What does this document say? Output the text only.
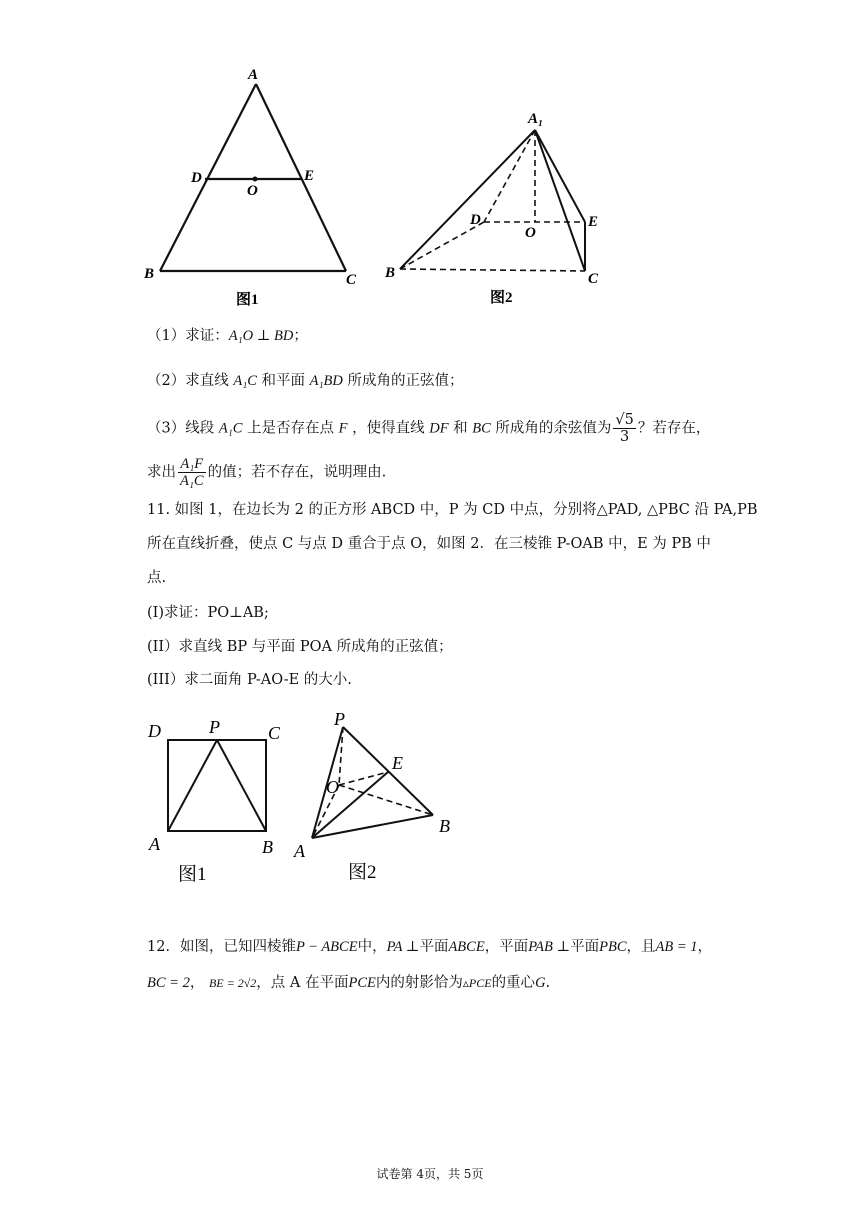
A
D
O
E
B	C
图1
A₁
D
O
E
B	C
图2
（1）求证：A₁O ⊥ BD；
（2）求直线 A₁C 和平面 A₁BD 所成角的正弦值；
（3）线段 A₁C 上是否存在点 F ，使得直线 DF 和 BC 所成角的余弦值为 $\frac{√5}{3}$ ？若存在，
求出 $\frac{\text{A₁F}}{\text{A₁C}}$ 的值；若不存在，说明理由.
11. 如图 1，在边长为 2 的正方形 ABCD 中，P 为 CD 中点，分别将△PAD, △PBC 沿 PA,PB
所在直线折叠，使点 C 与点 D 重合于点 O，如图 2．在三棱锥 P-OAB 中，E 为 PB 中
点.
(I)求证：PO⊥AB;
(II）求直线 BP 与平面 POA 所成角的正弦值；
(III）求二面角 P-AO-E 的大小.
D	P	C
A	B
图1
P
E
O
B
A
图2
12．如图，已知四棱锥P − ABCE中，PA ⊥平面ABCE，平面PAB ⊥平面PBC，且AB = 1，
BC = 2， BE = 2√2，点 A 在平面PCE内的射影恰为▵PCE的重心G.
试卷第 4页，共 5页
